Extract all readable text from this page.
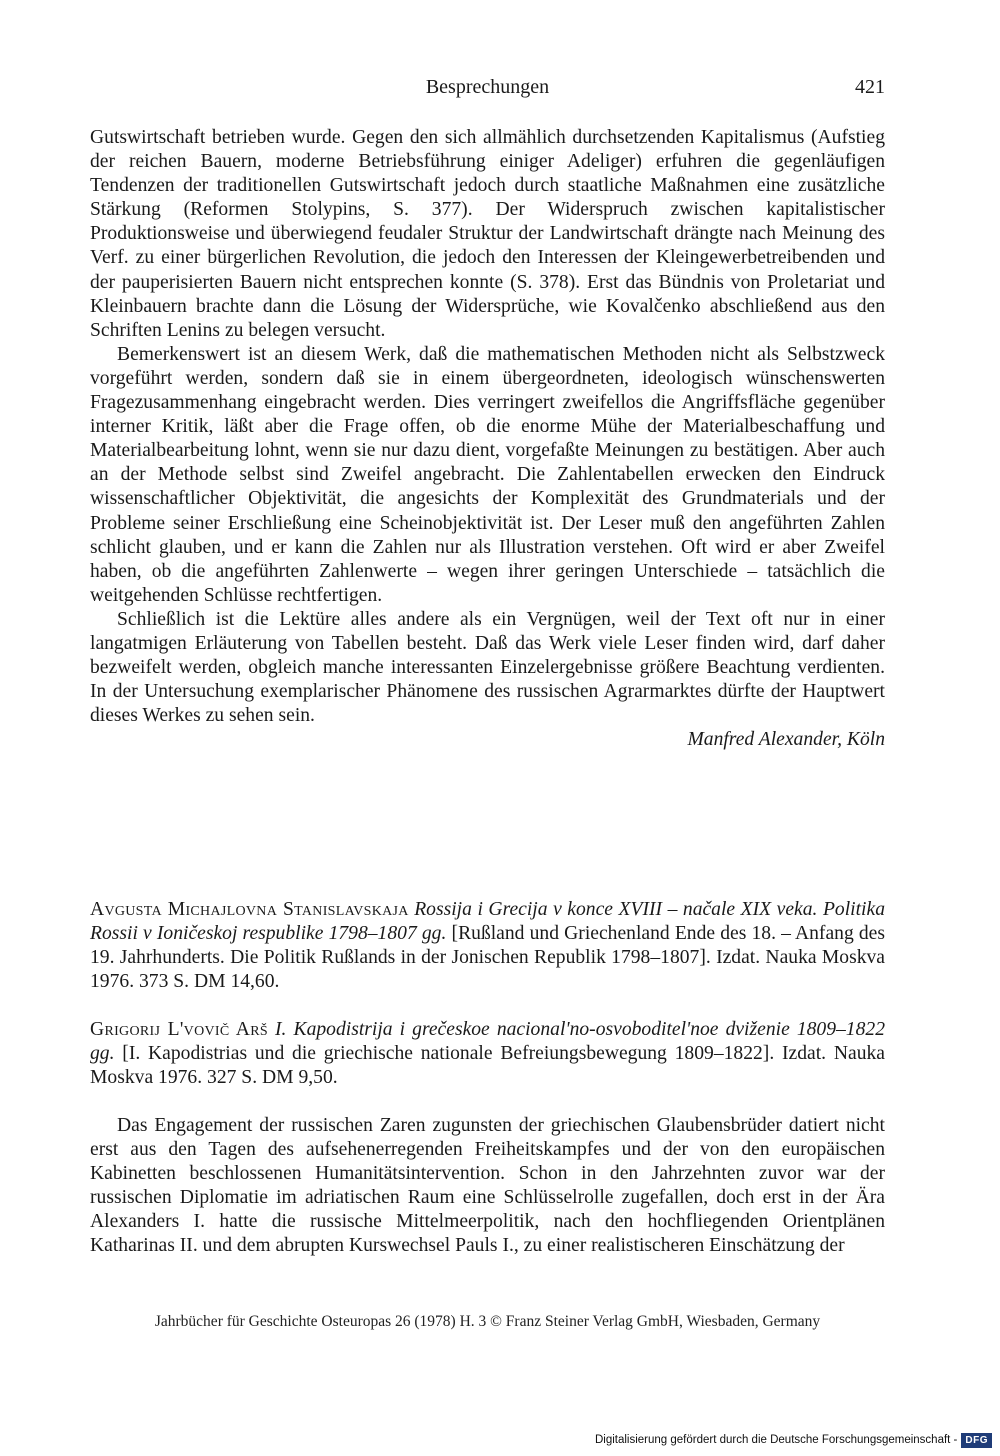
Besprechungen	421

Gutswirtschaft betrieben wurde. Gegen den sich allmählich durchsetzenden Kapitalismus (Aufstieg der reichen Bauern, moderne Betriebsführung einiger Adeliger) erfuhren die gegenläufigen Tendenzen der traditionellen Gutswirtschaft jedoch durch staatliche Maßnahmen eine zusätzliche Stärkung (Reformen Stolypins, S. 377). Der Widerspruch zwischen kapitalistischer Produktionsweise und überwiegend feudaler Struktur der Landwirtschaft drängte nach Meinung des Verf. zu einer bürgerlichen Revolution, die jedoch den Interessen der Kleingewerbetreibenden und der pauperisierten Bauern nicht entsprechen konnte (S. 378). Erst das Bündnis von Proletariat und Kleinbauern brachte dann die Lösung der Widersprüche, wie Kovalčenko abschließend aus den Schriften Lenins zu belegen versucht.

Bemerkenswert ist an diesem Werk, daß die mathematischen Methoden nicht als Selbstzweck vorgeführt werden, sondern daß sie in einem übergeordneten, ideologisch wünschenswerten Fragezusammenhang eingebracht werden. Dies verringert zweifellos die Angriffsfläche gegenüber interner Kritik, läßt aber die Frage offen, ob die enorme Mühe der Materialbeschaffung und Materialbearbeitung lohnt, wenn sie nur dazu dient, vorgefaßte Meinungen zu bestätigen. Aber auch an der Methode selbst sind Zweifel angebracht. Die Zahlentabellen erwecken den Eindruck wissenschaftlicher Objektivität, die angesichts der Komplexität des Grundmaterials und der Probleme seiner Erschließung eine Scheinobjektivität ist. Der Leser muß den angeführten Zahlen schlicht glauben, und er kann die Zahlen nur als Illustration verstehen. Oft wird er aber Zweifel haben, ob die angeführten Zahlenwerte – wegen ihrer geringen Unterschiede – tatsächlich die weitgehenden Schlüsse rechtfertigen.

Schließlich ist die Lektüre alles andere als ein Vergnügen, weil der Text oft nur in einer langatmigen Erläuterung von Tabellen besteht. Daß das Werk viele Leser finden wird, darf daher bezweifelt werden, obgleich manche interessanten Einzelergebnisse größere Beachtung verdienten. In der Untersuchung exemplarischer Phänomene des russischen Agrarmarktes dürfte der Hauptwert dieses Werkes zu sehen sein.

Manfred Alexander, Köln

Avgusta Michajlovna Stanislavskaja Rossija i Grecija v konce XVIII – načale XIX veka. Politika Rossii v Ioničeskoj respublike 1798–1807 gg. [Rußland und Griechenland Ende des 18. – Anfang des 19. Jahrhunderts. Die Politik Rußlands in der Jonischen Republik 1798–1807]. Izdat. Nauka Moskva 1976. 373 S. DM 14,60.

Grigorij L'vovič Arš I. Kapodistrija i grečeskoe nacional'no-osvoboditel'noe dviženie 1809–1822 gg. [I. Kapodistrias und die griechische nationale Befreiungsbewegung 1809–1822]. Izdat. Nauka Moskva 1976. 327 S. DM 9,50.

Das Engagement der russischen Zaren zugunsten der griechischen Glaubensbrüder datiert nicht erst aus den Tagen des aufsehenerregenden Freiheitskampfes und der von den europäischen Kabinetten beschlossenen Humanitätsintervention. Schon in den Jahrzehnten zuvor war der russischen Diplomatie im adriatischen Raum eine Schlüsselrolle zugefallen, doch erst in der Ära Alexanders I. hatte die russische Mittelmeerpolitik, nach den hochfliegenden Orientplänen Katharinas II. und dem abrupten Kurswechsel Pauls I., zu einer realistischeren Einschätzung der

Jahrbücher für Geschichte Osteuropas 26 (1978) H. 3 © Franz Steiner Verlag GmbH, Wiesbaden, Germany
Digitalisierung gefördert durch die Deutsche Forschungsgemeinschaft - DFG
